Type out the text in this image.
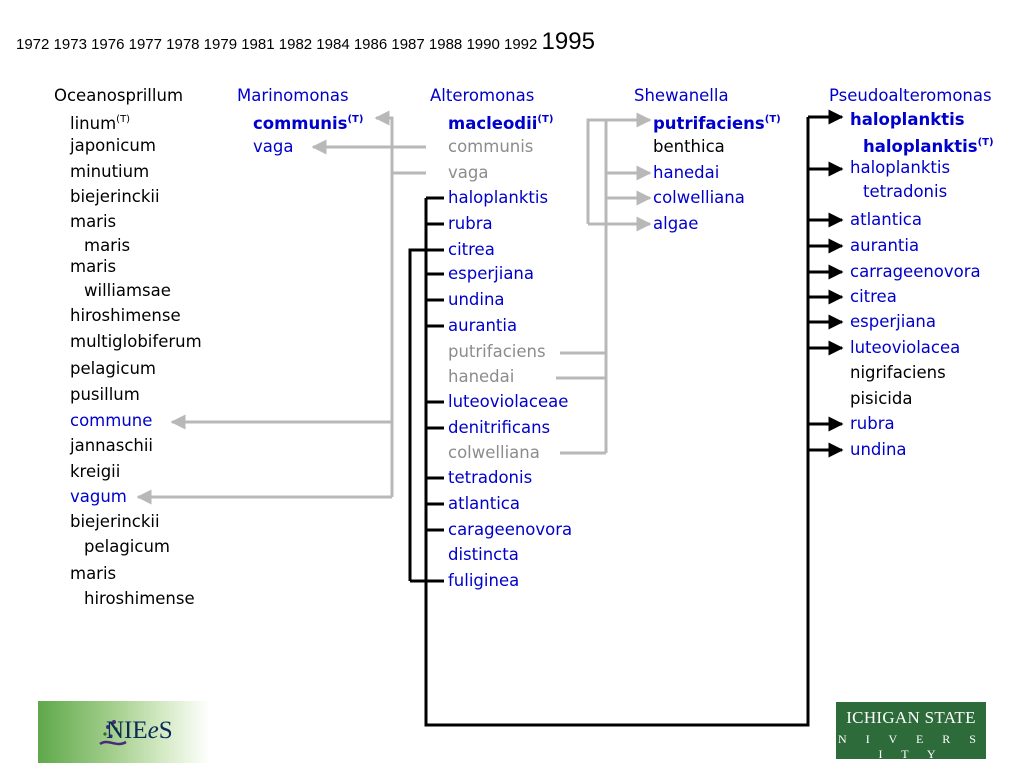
1972 1973 1976 1977 1978 1979 1981 1982 1984 1986 1987 1988 1990 1992 1995
Oceanosprillum
linum$^{(T)}$
japonicum
minutium
biejerinckii
maris
maris
maris
williamsae
hiroshimense
multiglobiferum
pelagicum
pusillum
commune
jannaschii
kreigii
vagum
biejerinckii
pelagicum
maris
hiroshimense
Marinomonas
communis$^{(T)}$
vaga
Alteromonas
macleodii$^{(T)}$
communis
vaga
haloplanktis
rubra
citrea
esperjiana
undina
aurantia
putrifaciens
hanedai
luteoviolaceae
denitrificans
colwelliana
tetradonis
atlantica
carageenovora
distincta
fuliginea
Shewanella
putrifaciens$^{(T)}$
benthica
hanedai
colwelliana
algae
Pseudoalteromonas
haloplanktis
haloplanktis$^{(T)}$
haloplanktis
tetradonis
atlantica
aurantia
carrageenovora
citrea
esperjiana
luteoviolacea
nigrifaciens
pisicida
rubra
undina
NIEeS	ICHIGAN STATE
N I V E R S I T Y
